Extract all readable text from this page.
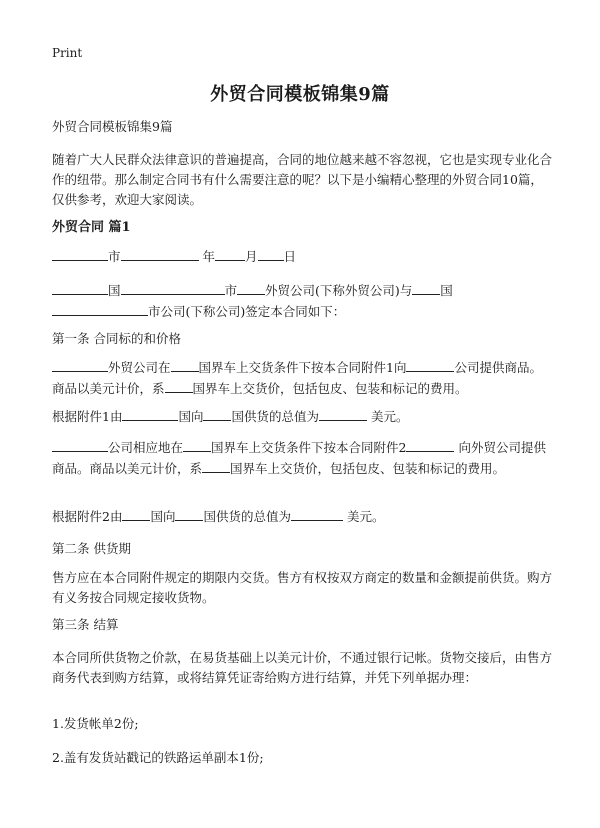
Print
外贸合同模板锦集9篇
外贸合同模板锦集9篇
随着广大人民群众法律意识的普遍提高，合同的地位越来越不容忽视，它也是实现专业化合作的纽带。那么制定合同书有什么需要注意的呢？以下是小编精心整理的外贸合同10篇，仅供参考，欢迎大家阅读。
外贸合同 篇1
市	年 月 日
国	市 外贸公司(下称外贸公司)与 国
市公司(下称公司)签定本合同如下：
第一条 合同标的和价格
外贸公司在 国界车上交货条件下按本合同附件1向	公司提供商品。商品以美元计价，系 国界车上交货价，包括包皮、包装和标记的费用。
根据附件1由	国向 国供货的总值为	美元。
公司相应地在 国界车上交货条件下按本合同附件2	向外贸公司提供商品。商品以美元计价，系 国界车上交货价，包括包皮、包装和标记的费用。
根据附件2由 国向 国供货的总值为	美元。
第二条 供货期
售方应在本合同附件规定的期限内交货。售方有权按双方商定的数量和金额提前供货。购方有义务按合同规定接收货物。
第三条 结算
本合同所供货物之价款，在易货基础上以美元计价，不通过银行记帐。货物交接后，由售方商务代表到购方结算，或将结算凭证寄给购方进行结算，并凭下列单据办理：
1.发货帐单2份;
2.盖有发货站戳记的铁路运单副本1份;
